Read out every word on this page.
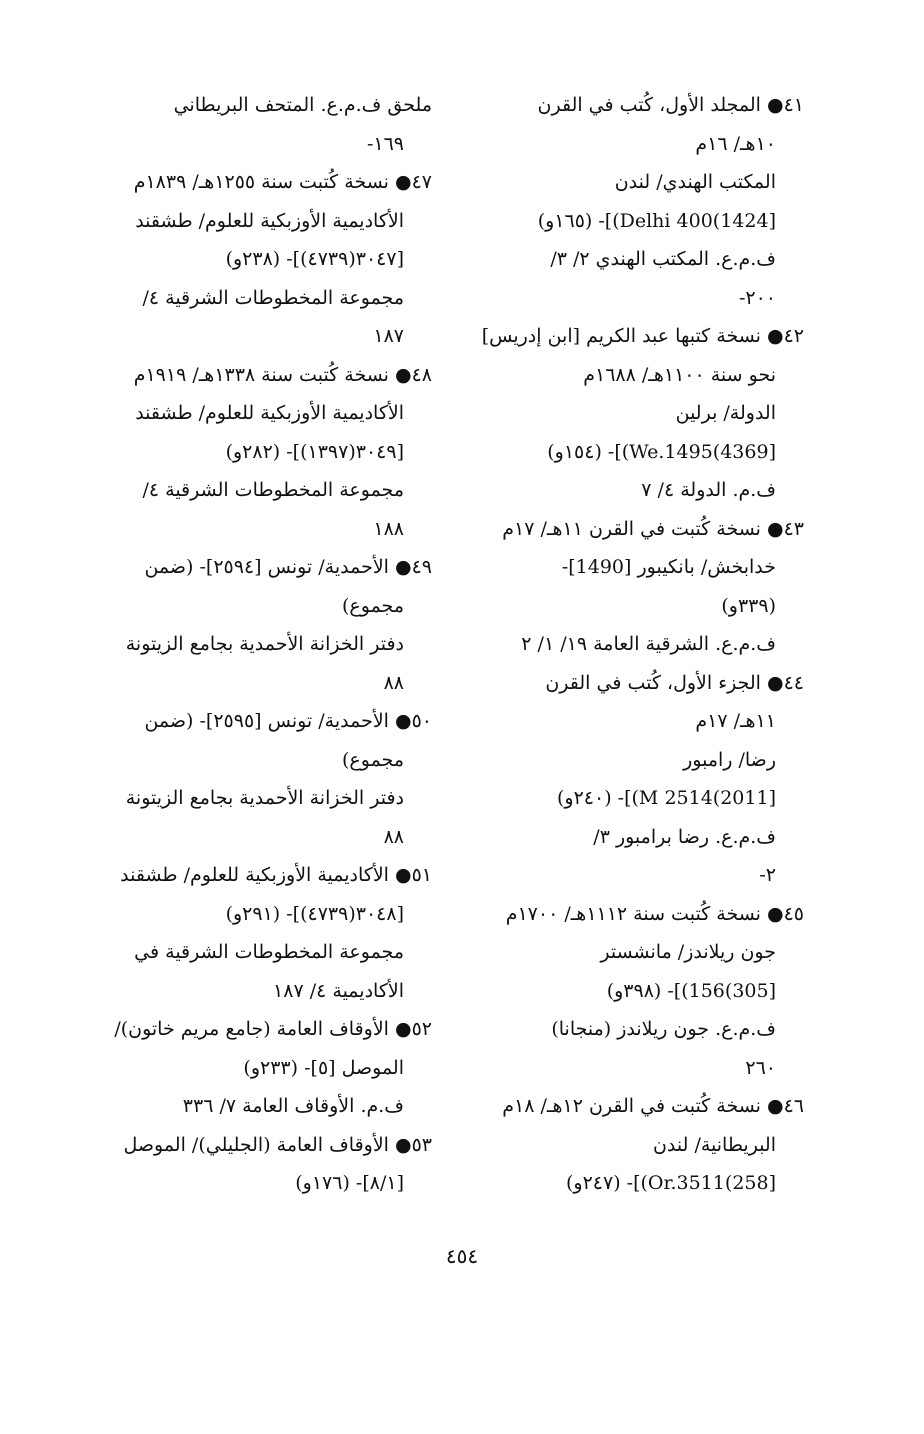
٤١● المجلد الأول، كُتب في القرن
١٠هـ/ ١٦م
المكتب الهندي/ لندن
[1424)Delhi 400)]- (١٦٥و)
ف.م.ع. المكتب الهندي ٢/ ٣/
٢٠٠-
٤٢● نسخة كتبها عبد الكريم [ابن إدريس]
نحو سنة ١١٠٠هـ/ ١٦٨٨م
الدولة/ برلين
[4369)We.1495)]- (١٥٤و)
ف.م. الدولة ٤/ ٧
٤٣● نسخة كُتبت في القرن ١١هـ/ ١٧م
خدابخش/ بانكيبور [1490]-
(٣٣٩و)
ف.م.ع. الشرقية العامة ١٩/ ١/ ٢
٤٤● الجزء الأول، كُتب في القرن
١١هـ/ ١٧م
رضا/ رامبور
[2011)2514 M)]- (٢٤٠و)
ف.م.ع. رضا برامبور ٣/
٢-
٤٥● نسخة كُتبت سنة ١١١٢هـ/ ١٧٠٠م
جون ريلاندز/ مانشستر
[305)156)]- (٣٩٨و)
ف.م.ع. جون ريلاندز (منجانا)
٢٦٠
٤٦● نسخة كُتبت في القرن ١٢هـ/ ١٨م
البريطانية/ لندن
[258)Or.3511)]- (٢٤٧و)
ملحق ف.م.ع. المتحف البريطاني
١٦٩-
٤٧● نسخة كُتبت سنة ١٢٥٥هـ/ ١٨٣٩م
الأكاديمية الأوزبكية للعلوم/ طشقند
[٣٠٤٧(٤٧٣٩)]- (٢٣٨و)
مجموعة المخطوطات الشرقية ٤/
١٨٧
٤٨● نسخة كُتبت سنة ١٣٣٨هـ/ ١٩١٩م
الأكاديمية الأوزبكية للعلوم/ طشقند
[٣٠٤٩(١٣٩٧)]- (٢٨٢و)
مجموعة المخطوطات الشرقية ٤/
١٨٨
٤٩● الأحمدية/ تونس [٢٥٩٤]- (ضمن
مجموع)
دفتر الخزانة الأحمدية بجامع الزيتونة
٨٨
٥٠● الأحمدية/ تونس [٢٥٩٥]- (ضمن
مجموع)
دفتر الخزانة الأحمدية بجامع الزيتونة
٨٨
٥١● الأكاديمية الأوزبكية للعلوم/ طشقند
[٣٠٤٨(٤٧٣٩)]- (٢٩١و)
مجموعة المخطوطات الشرقية في
الأكاديمية ٤/ ١٨٧
٥٢● الأوقاف العامة (جامع مريم خاتون)/
الموصل [٥]- (٢٣٣و)
ف.م. الأوقاف العامة ٧/ ٣٣٦
٥٣● الأوقاف العامة (الجليلي)/ الموصل
[٨/١]- (١٧٦و)
٤٥٤
